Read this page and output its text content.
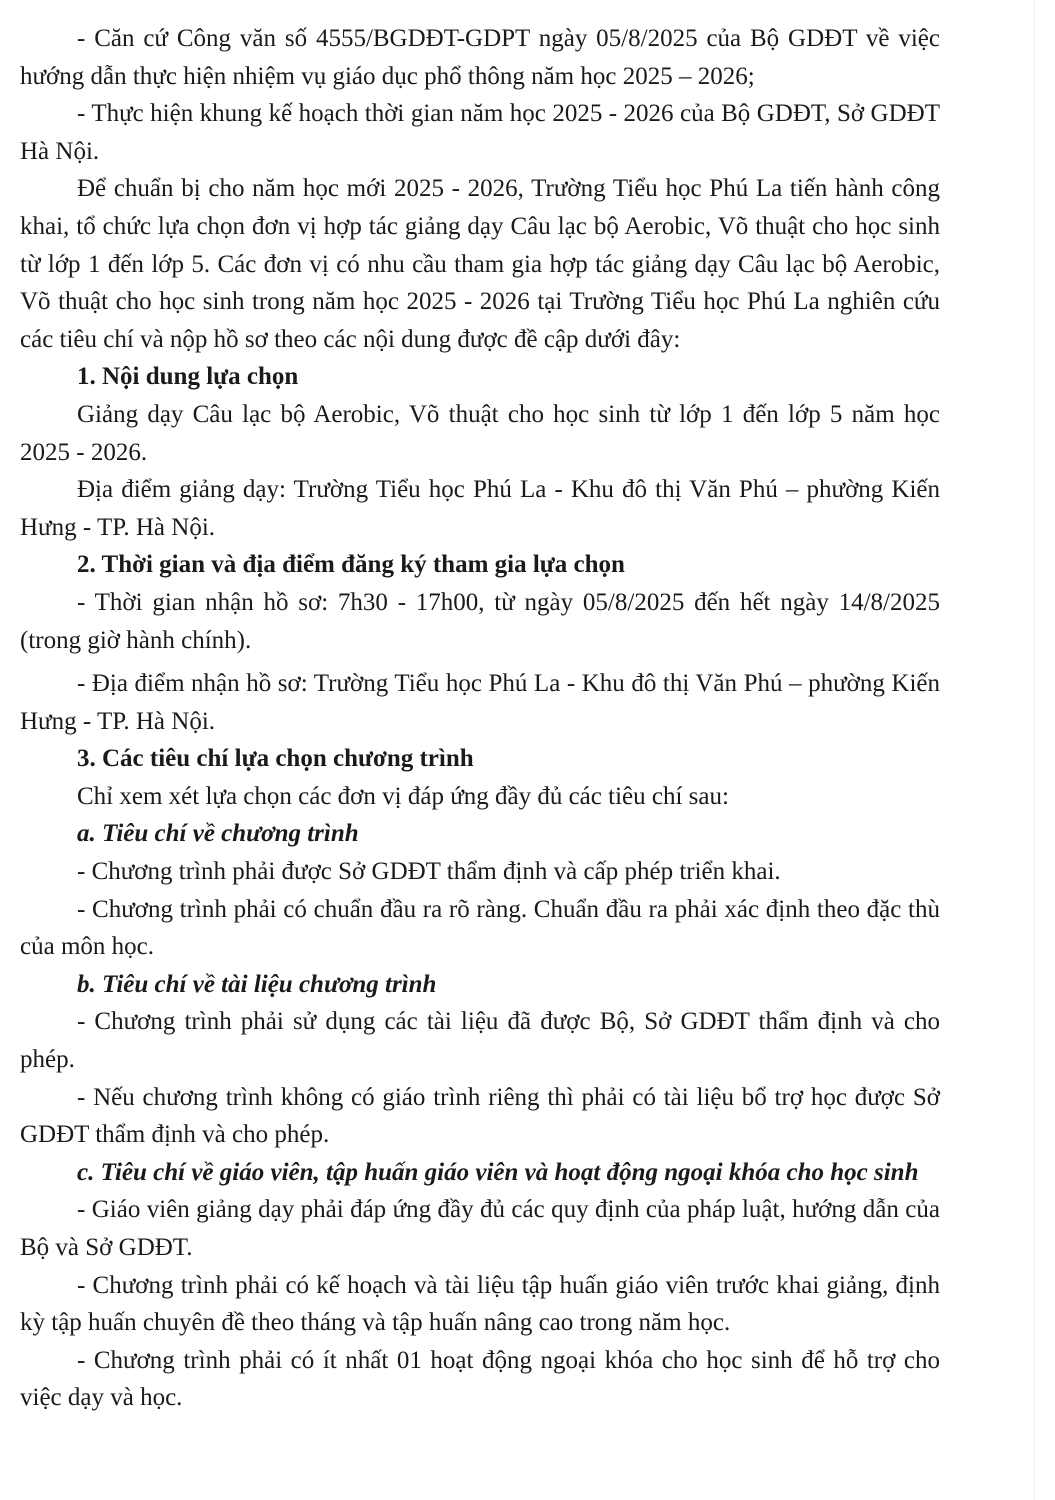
- Căn cứ Công văn số 4555/BGDĐT-GDPT ngày 05/8/2025 của Bộ GDĐT về việc hướng dẫn thực hiện nhiệm vụ giáo dục phổ thông năm học 2025 – 2026;

- Thực hiện khung kế hoạch thời gian năm học 2025 - 2026 của Bộ GDĐT, Sở GDĐT Hà Nội.

Để chuẩn bị cho năm học mới 2025 - 2026, Trường Tiểu học Phú La tiến hành công khai, tổ chức lựa chọn đơn vị hợp tác giảng dạy Câu lạc bộ Aerobic, Võ thuật cho học sinh từ lớp 1 đến lớp 5. Các đơn vị có nhu cầu tham gia hợp tác giảng dạy Câu lạc bộ Aerobic, Võ thuật cho học sinh trong năm học 2025 - 2026 tại Trường Tiểu học Phú La nghiên cứu các tiêu chí và nộp hồ sơ theo các nội dung được đề cập dưới đây:

1. Nội dung lựa chọn

Giảng dạy Câu lạc bộ Aerobic, Võ thuật cho học sinh từ lớp 1 đến lớp 5 năm học 2025 - 2026.

Địa điểm giảng dạy: Trường Tiểu học Phú La - Khu đô thị Văn Phú – phường Kiến Hưng - TP. Hà Nội.

2. Thời gian và địa điểm đăng ký tham gia lựa chọn

- Thời gian nhận hồ sơ: 7h30 - 17h00, từ ngày 05/8/2025 đến hết ngày 14/8/2025 (trong giờ hành chính).

- Địa điểm nhận hồ sơ: Trường Tiểu học Phú La - Khu đô thị Văn Phú – phường Kiến Hưng - TP. Hà Nội.

3. Các tiêu chí lựa chọn chương trình

Chỉ xem xét lựa chọn các đơn vị đáp ứng đầy đủ các tiêu chí sau:

a. Tiêu chí về chương trình

- Chương trình phải được Sở GDĐT thẩm định và cấp phép triển khai.

- Chương trình phải có chuẩn đầu ra rõ ràng. Chuẩn đầu ra phải xác định theo đặc thù của môn học.

b. Tiêu chí về tài liệu chương trình

- Chương trình phải sử dụng các tài liệu đã được Bộ, Sở GDĐT thẩm định và cho phép.

- Nếu chương trình không có giáo trình riêng thì phải có tài liệu bổ trợ học được Sở GDĐT thẩm định và cho phép.

c. Tiêu chí về giáo viên, tập huấn giáo viên và hoạt động ngoại khóa cho học sinh

- Giáo viên giảng dạy phải đáp ứng đầy đủ các quy định của pháp luật, hướng dẫn của Bộ và Sở GDĐT.

- Chương trình phải có kế hoạch và tài liệu tập huấn giáo viên trước khai giảng, định kỳ tập huấn chuyên đề theo tháng và tập huấn nâng cao trong năm học.

- Chương trình phải có ít nhất 01 hoạt động ngoại khóa cho học sinh để hỗ trợ cho việc dạy và học.
